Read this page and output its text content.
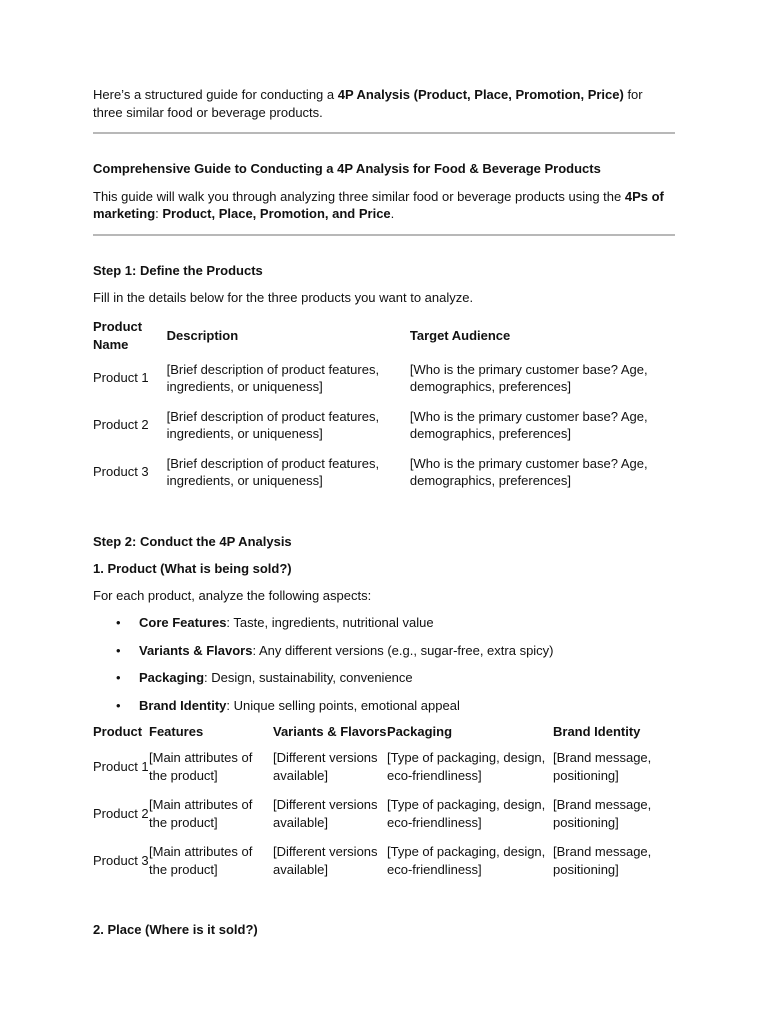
Here’s a structured guide for conducting a 4P Analysis (Product, Place, Promotion, Price) for three similar food or beverage products.

Comprehensive Guide to Conducting a 4P Analysis for Food & Beverage Products

This guide will walk you through analyzing three similar food or beverage products using the 4Ps of marketing: Product, Place, Promotion, and Price.

Step 1: Define the Products

Fill in the details below for the three products you want to analyze.

Product Name	Description	Target Audience
Product 1	[Brief description of product features, ingredients, or uniqueness]	[Who is the primary customer base? Age, demographics, preferences]
Product 2	[Brief description of product features, ingredients, or uniqueness]	[Who is the primary customer base? Age, demographics, preferences]
Product 3	[Brief description of product features, ingredients, or uniqueness]	[Who is the primary customer base? Age, demographics, preferences]

Step 2: Conduct the 4P Analysis

1. Product (What is being sold?)

For each product, analyze the following aspects:

• Core Features: Taste, ingredients, nutritional value
• Variants & Flavors: Any different versions (e.g., sugar-free, extra spicy)
• Packaging: Design, sustainability, convenience
• Brand Identity: Unique selling points, emotional appeal
Product	Features	Variants & Flavors	Packaging	Brand Identity
Product 1	[Main attributes of the product]	[Different versions available]	[Type of packaging, design, eco-friendliness]	[Brand message, positioning]
Product 2	[Main attributes of the product]	[Different versions available]	[Type of packaging, design, eco-friendliness]	[Brand message, positioning]
Product 3	[Main attributes of the product]	[Different versions available]	[Type of packaging, design, eco-friendliness]	[Brand message, positioning]

2. Place (Where is it sold?)
